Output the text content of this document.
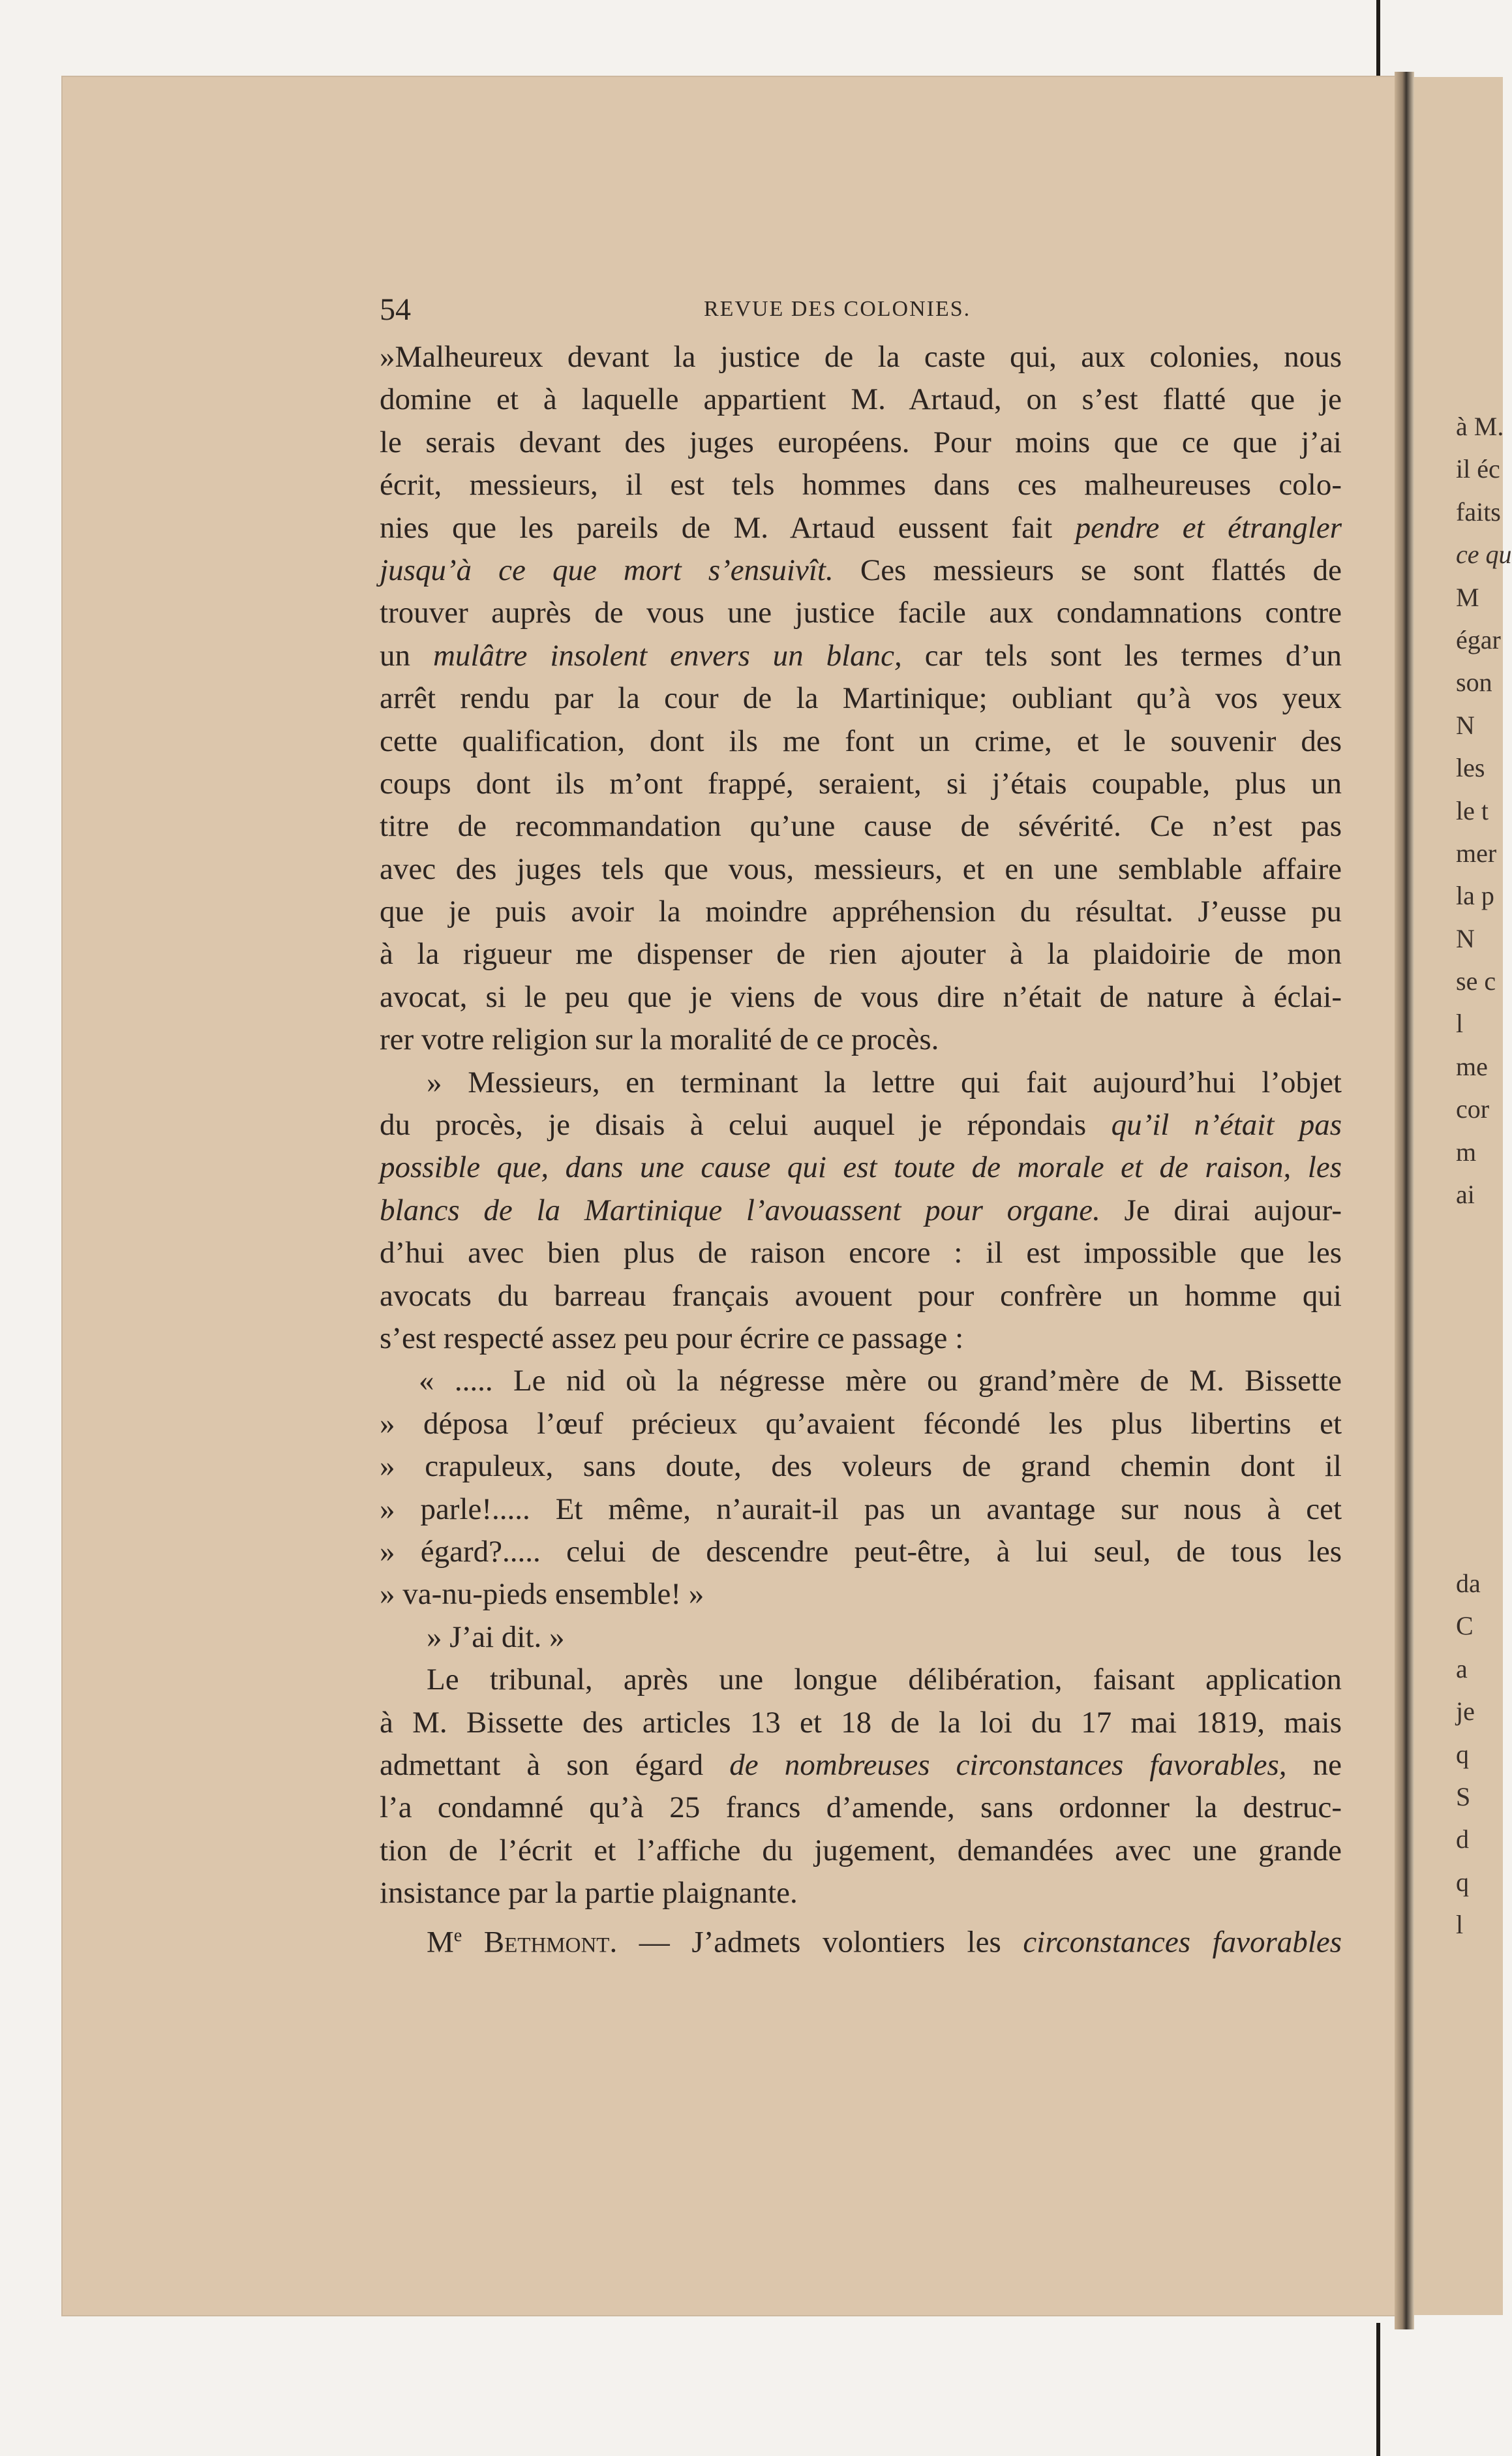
à M.
il éc
faits
ce qu
M
égar
son
N
les
le t
mer
la p
N
se c
l
me
cor
m
ai
da
C
a
je
q
S
d
q
l
54	REVUE DES COLONIES.
»Malheureux devant la justice de la caste qui, aux colonies, nous
domine et à laquelle appartient M. Artaud, on s’est flatté que je
le serais devant des juges européens. Pour moins que ce que j’ai
écrit, messieurs, il est tels hommes dans ces malheureuses colo-
nies que les pareils de M. Artaud eussent fait pendre et étrangler
jusqu’à ce que mort s’ensuivît. Ces messieurs se sont flattés de
trouver auprès de vous une justice facile aux condamnations contre
un mulâtre insolent envers un blanc, car tels sont les termes d’un
arrêt rendu par la cour de la Martinique; oubliant qu’à vos yeux
cette qualification, dont ils me font un crime, et le souvenir des
coups dont ils m’ont frappé, seraient, si j’étais coupable, plus un
titre de recommandation qu’une cause de sévérité. Ce n’est pas
avec des juges tels que vous, messieurs, et en une semblable affaire
que je puis avoir la moindre appréhension du résultat. J’eusse pu
à la rigueur me dispenser de rien ajouter à la plaidoirie de mon
avocat, si le peu que je viens de vous dire n’était de nature à éclai-
rer votre religion sur la moralité de ce procès.
» Messieurs, en terminant la lettre qui fait aujourd’hui l’objet
du procès, je disais à celui auquel je répondais qu’il n’était pas
possible que, dans une cause qui est toute de morale et de raison, les
blancs de la Martinique l’avouassent pour organe. Je dirai aujour-
d’hui avec bien plus de raison encore : il est impossible que les
avocats du barreau français avouent pour confrère un homme qui
s’est respecté assez peu pour écrire ce passage :
« ..... Le nid où la négresse mère ou grand’mère de M. Bissette
» déposa l’œuf précieux qu’avaient fécondé les plus libertins et
» crapuleux, sans doute, des voleurs de grand chemin dont il
» parle!..... Et même, n’aurait-il pas un avantage sur nous à cet
» égard?..... celui de descendre peut-être, à lui seul, de tous les
» va-nu-pieds ensemble! »
» J’ai dit. »
Le tribunal, après une longue délibération, faisant application
à M. Bissette des articles 13 et 18 de la loi du 17 mai 1819, mais
admettant à son égard de nombreuses circonstances favorables, ne
l’a condamné qu’à 25 francs d’amende, sans ordonner la destruc-
tion de l’écrit et l’affiche du jugement, demandées avec une grande
insistance par la partie plaignante.
Me Bethmont. — J’admets volontiers les circonstances favorables
